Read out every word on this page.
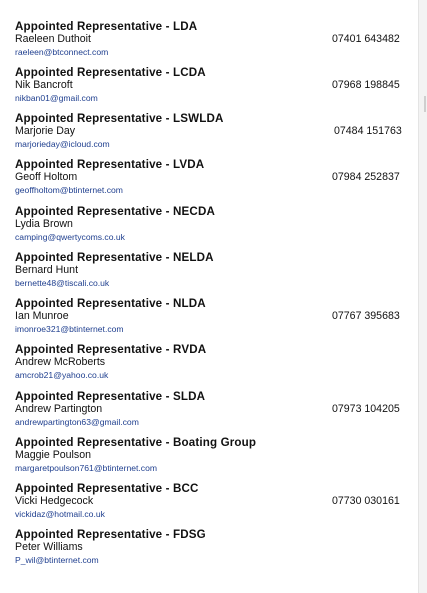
Appointed Representative - LDA
Raeleen Duthoit
raeleen@btconnect.com
07401 643482
Appointed Representative - LCDA
Nik Bancroft
nikban01@gmail.com
07968 198845
Appointed Representative - LSWLDA
Marjorie Day
marjorieday@icloud.com
07484 151763
Appointed Representative - LVDA
Geoff Holtom
geoffholtom@btinternet.com
07984 252837
Appointed Representative - NECDA
Lydia Brown
camping@qwertycoms.co.uk
Appointed Representative - NELDA
Bernard Hunt
bernette48@tiscali.co.uk
Appointed Representative - NLDA
Ian Munroe
imonroe321@btinternet.com
07767 395683
Appointed Representative - RVDA
Andrew McRoberts
amcrob21@yahoo.co.uk
Appointed Representative - SLDA
Andrew Partington
andrewpartington63@gmail.com
07973 104205
Appointed Representative - Boating Group
Maggie Poulson
margaretpoulson761@btinternet.com
Appointed Representative - BCC
Vicki Hedgecock
vickidaz@hotmail.co.uk
07730 030161
Appointed Representative - FDSG
Peter Williams
P_wil@btinternet.com
